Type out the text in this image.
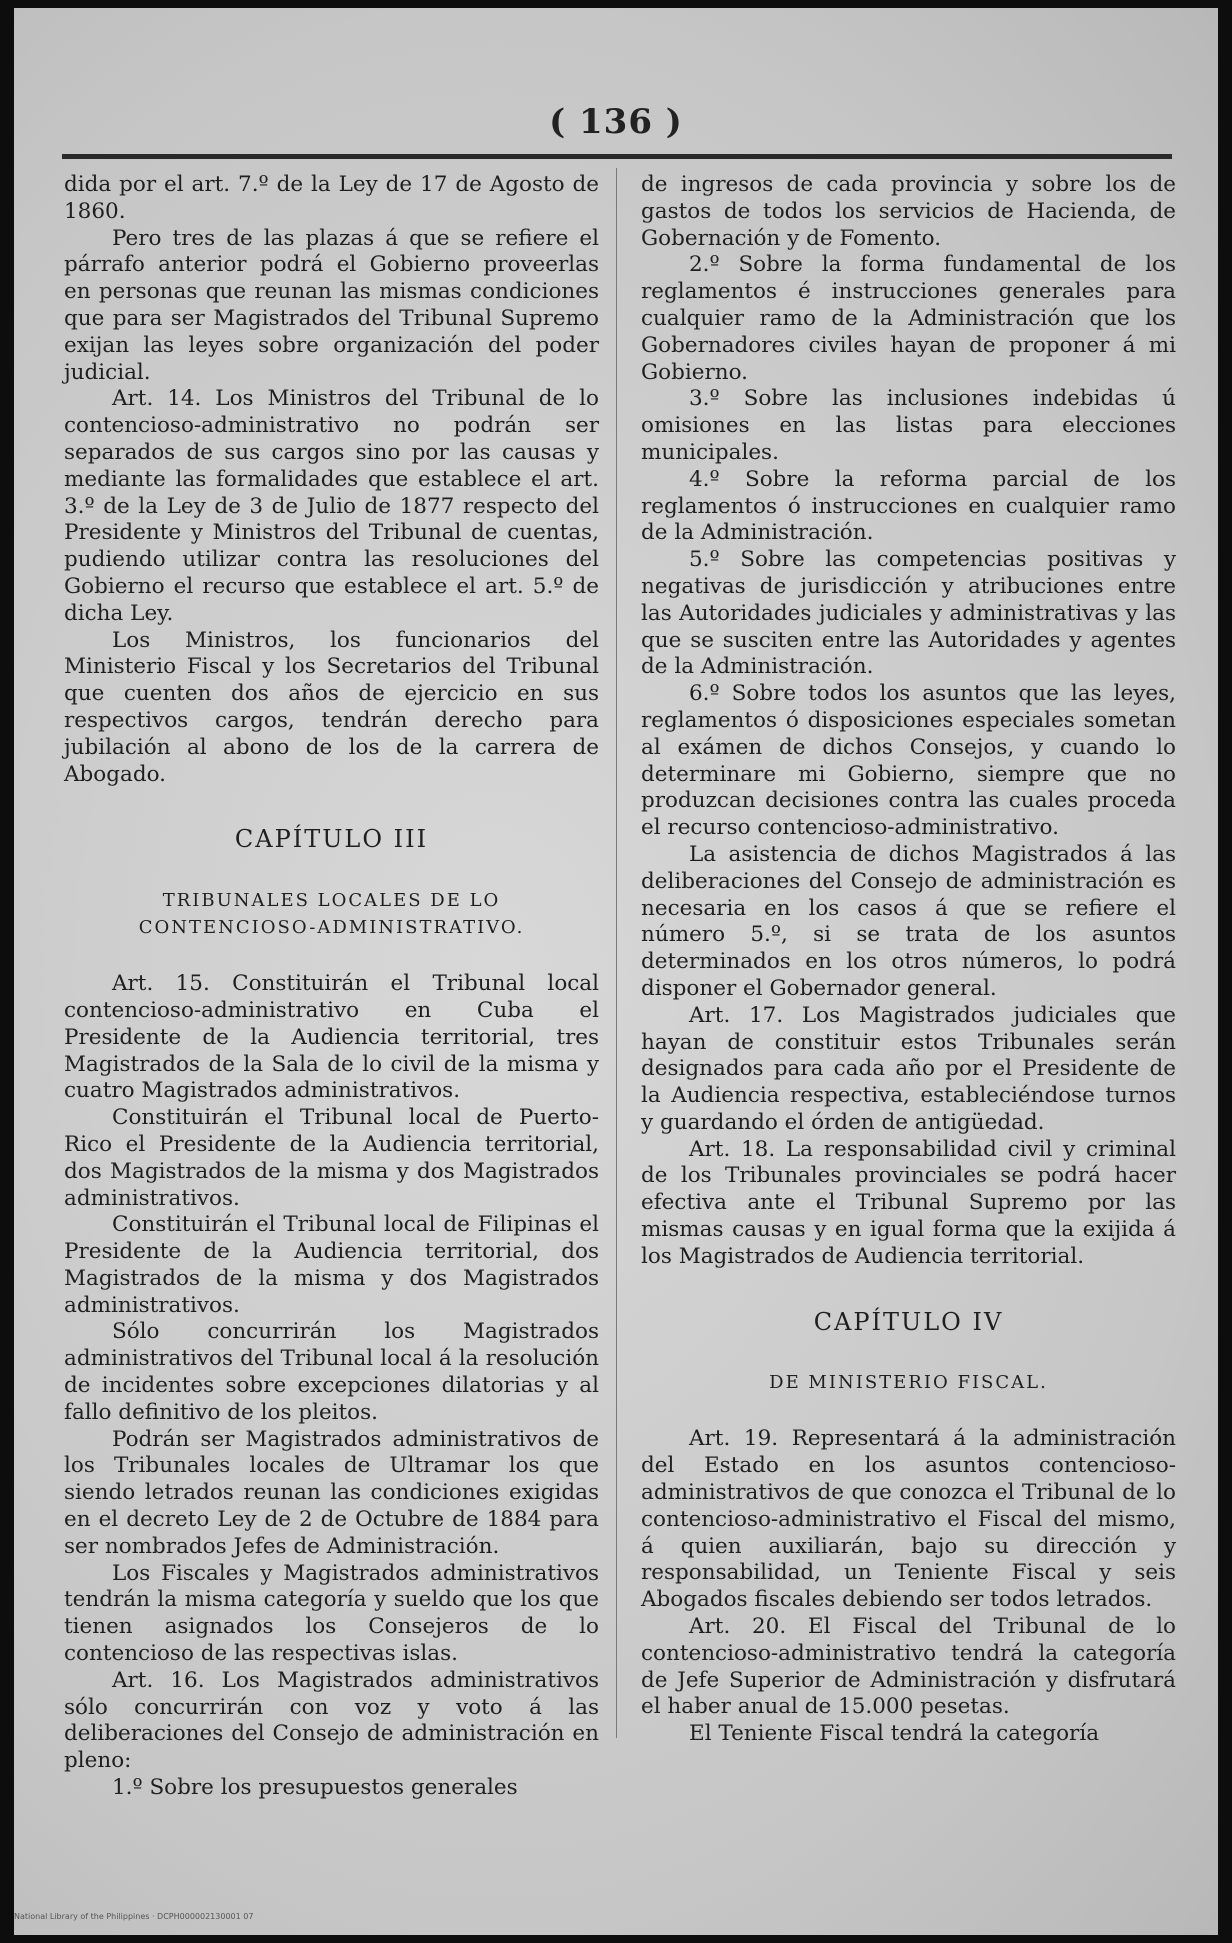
( 136 )

dida por el art. 7.º de la Ley de 17 de Agosto de 1860.

Pero tres de las plazas á que se refiere el párrafo anterior podrá el Gobierno proveerlas en personas que reunan las mismas condiciones que para ser Magistrados del Tribunal Supremo exijan las leyes sobre organización del poder judicial.

Art. 14. Los Ministros del Tribunal de lo contencioso-administrativo no podrán ser separados de sus cargos sino por las causas y mediante las formalidades que establece el art. 3.º de la Ley de 3 de Julio de 1877 respecto del Presidente y Ministros del Tribunal de cuentas, pudiendo utilizar contra las resoluciones del Gobierno el recurso que establece el art. 5.º de dicha Ley.

Los Ministros, los funcionarios del Ministerio Fiscal y los Secretarios del Tribunal que cuenten dos años de ejercicio en sus respectivos cargos, tendrán derecho para jubilación al abono de los de la carrera de Abogado.

CAPÍTULO III
TRIBUNALES LOCALES DE LO CONTENCIOSO-ADMINISTRATIVO.

Art. 15. Constituirán el Tribunal local contencioso-administrativo en Cuba el Presidente de la Audiencia territorial, tres Magistrados de la Sala de lo civil de la misma y cuatro Magistrados administrativos.

Constituirán el Tribunal local de Puerto-Rico el Presidente de la Audiencia territorial, dos Magistrados de la misma y dos Magistrados administrativos.

Constituirán el Tribunal local de Filipinas el Presidente de la Audiencia territorial, dos Magistrados de la misma y dos Magistrados administrativos.

Sólo concurrirán los Magistrados administrativos del Tribunal local á la resolución de incidentes sobre excepciones dilatorias y al fallo definitivo de los pleitos.

Podrán ser Magistrados administrativos de los Tribunales locales de Ultramar los que siendo letrados reunan las condiciones exigidas en el decreto Ley de 2 de Octubre de 1884 para ser nombrados Jefes de Administración.

Los Fiscales y Magistrados administrativos tendrán la misma categoría y sueldo que los que tienen asignados los Consejeros de lo contencioso de las respectivas islas.

Art. 16. Los Magistrados administrativos sólo concurrirán con voz y voto á las deliberaciones del Consejo de administración en pleno:

1.º Sobre los presupuestos generales

de ingresos de cada provincia y sobre los de gastos de todos los servicios de Hacienda, de Gobernación y de Fomento.

2.º Sobre la forma fundamental de los reglamentos é instrucciones generales para cualquier ramo de la Administración que los Gobernadores civiles hayan de proponer á mi Gobierno.

3.º Sobre las inclusiones indebidas ú omisiones en las listas para elecciones municipales.

4.º Sobre la reforma parcial de los reglamentos ó instrucciones en cualquier ramo de la Administración.

5.º Sobre las competencias positivas y negativas de jurisdicción y atribuciones entre las Autoridades judiciales y administrativas y las que se susciten entre las Autoridades y agentes de la Administración.

6.º Sobre todos los asuntos que las leyes, reglamentos ó disposiciones especiales sometan al exámen de dichos Consejos, y cuando lo determinare mi Gobierno, siempre que no produzcan decisiones contra las cuales proceda el recurso contencioso-administrativo.

La asistencia de dichos Magistrados á las deliberaciones del Consejo de administración es necesaria en los casos á que se refiere el número 5.º, si se trata de los asuntos determinados en los otros números, lo podrá disponer el Gobernador general.

Art. 17. Los Magistrados judiciales que hayan de constituir estos Tribunales serán designados para cada año por el Presidente de la Audiencia respectiva, estableciéndose turnos y guardando el órden de antigüedad.

Art. 18. La responsabilidad civil y criminal de los Tribunales provinciales se podrá hacer efectiva ante el Tribunal Supremo por las mismas causas y en igual forma que la exijida á los Magistrados de Audiencia territorial.

CAPÍTULO IV
DE MINISTERIO FISCAL.

Art. 19. Representará á la administración del Estado en los asuntos contencioso-administrativos de que conozca el Tribunal de lo contencioso-administrativo el Fiscal del mismo, á quien auxiliarán, bajo su dirección y responsabilidad, un Teniente Fiscal y seis Abogados fiscales debiendo ser todos letrados.

Art. 20. El Fiscal del Tribunal de lo contencioso-administrativo tendrá la categoría de Jefe Superior de Administración y disfrutará el haber anual de 15.000 pesetas.

El Teniente Fiscal tendrá la categoría

National Library of the Philippines · DCPH000002130001 07
